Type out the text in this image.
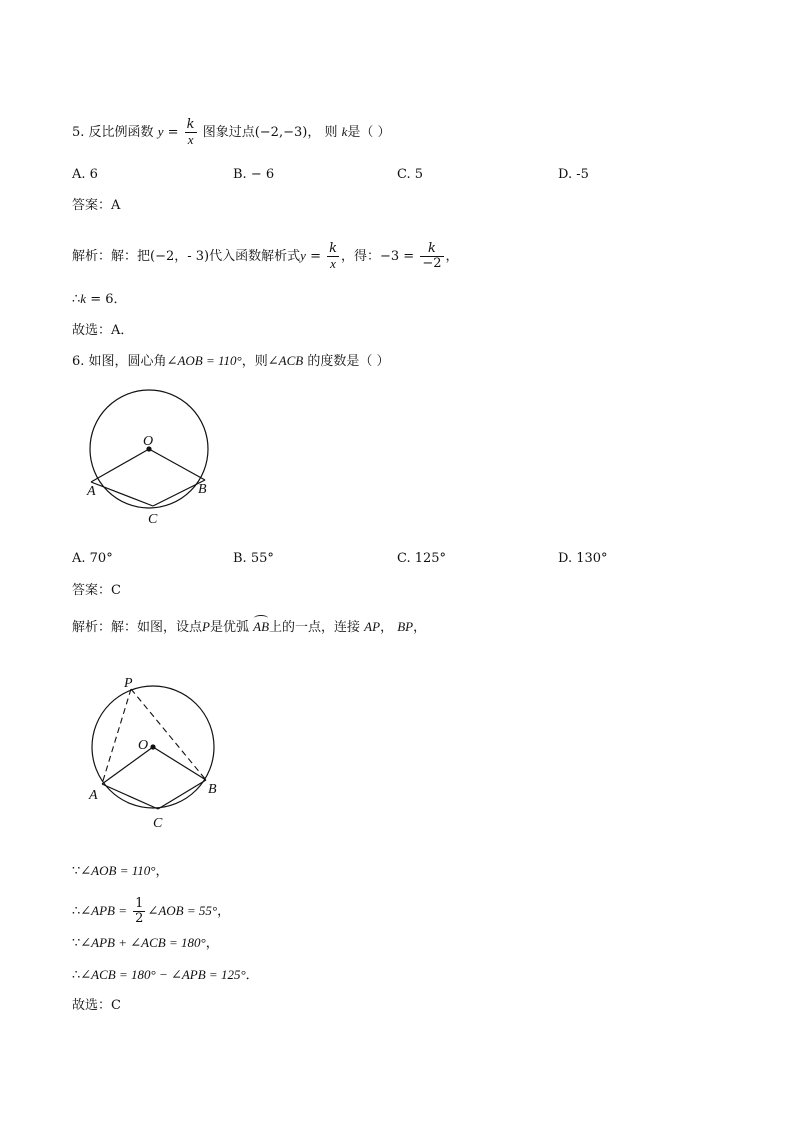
5. 反比例函数 $y = \frac{k}{x}$ 图象过点(−2,−3)， 则 k是（ ）
A. 6	B. − 6	C. 5	D. -5
答案：A
解析：解：把(−2，- 3)代入函数解析式$y = \frac{k}{x}$ ，得：$-3 = \frac{k}{-2}$ ，
∴k = 6．
故选：A．
6. 如图，圆心角∠AOB = 110°，则∠ACB 的度数是（ ）
O
A	B
C
A. 70°	B. 55°	C. 125°	D. 130°
答案：C
解析：解：如图，设点P是优弧 AB上的一点，连接 AP， BP，
P
O
A	B
C
∵∠AOB = 110°，
∴∠APB = $\frac{1}{2}$ ∠AOB = 55°，
∵∠APB + ∠ACB = 180°，
∴∠ACB = 180° − ∠APB = 125°．
故选：C
